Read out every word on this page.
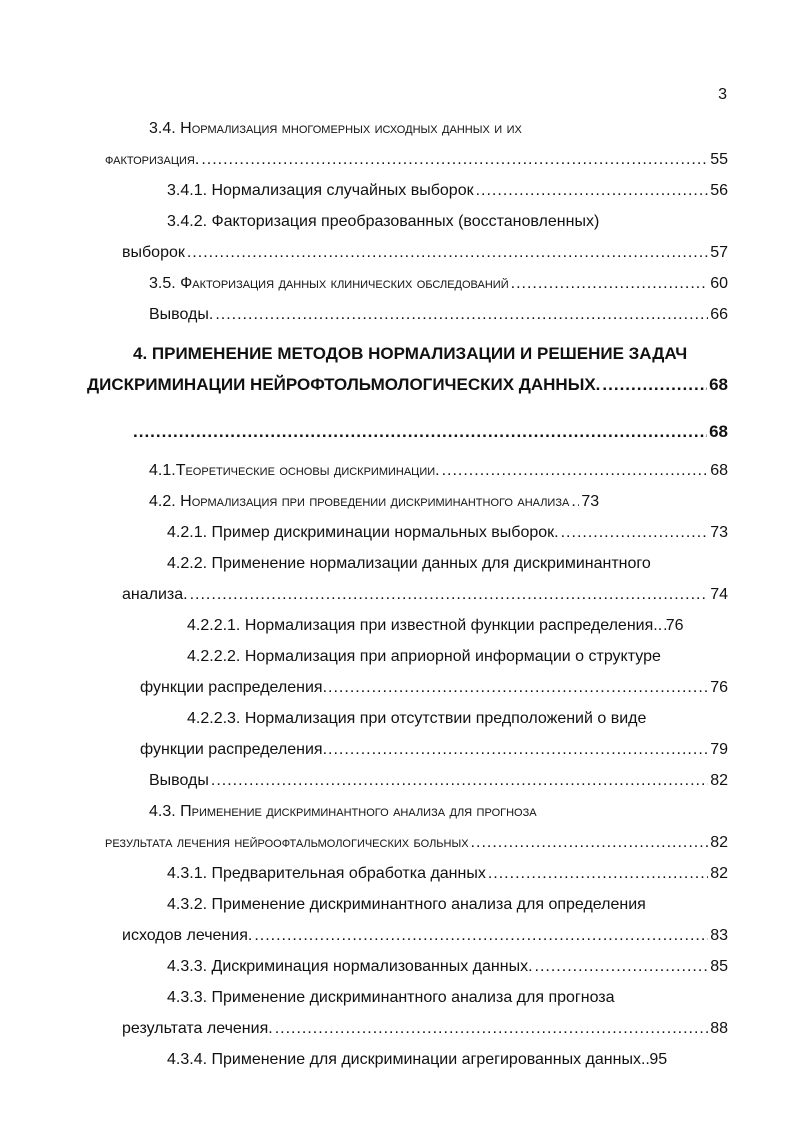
3
3.4. Нормализация многомерных исходных данных и их
факторизация. .....	55
3.4.1. Нормализация случайных выборок .....	56
3.4.2. Факторизация преобразованных (восстановленных)
выборок .....	57
3.5. Факторизация данных клинических обследований .....	60
Выводы. .....	66
4. ПРИМЕНЕНИЕ МЕТОДОВ НОРМАЛИЗАЦИИ И РЕШЕНИЕ ЗАДАЧ
ДИСКРИМИНАЦИИ НЕЙРОФТОЛЬМОЛОГИЧЕСКИХ ДАННЫХ. .....	68
.....
68
4.1.Теоретические основы дискриминации. .....	68
4.2. Нормализация при проведении дискриминантного анализа ..... 73
4.2.1. Пример дискриминации нормальных выборок. .....	73
4.2.2. Применение нормализации данных для дискриминантного
анализа. .....	74
4.2.2.1. Нормализация при известной функции распределения. ..... 76
4.2.2.2. Нормализация при априорной информации о структуре
функции распределения .....	76
4.2.2.3. Нормализация при отсутствии предположений о виде
функции распределения .....	79
Выводы .....	82
4.3. Применение дискриминантного анализа для прогноза
результата лечения нейроофтальмологических больных .....	82
4.3.1. Предварительная обработка данных .....	82
4.3.2. Применение дискриминантного анализа для определения
исходов лечения. .....	83
4.3.3. Дискриминация нормализованных данных. .....	85
4.3.3. Применение дискриминантного анализа для прогноза
результата лечения. .....	88
4.3.4. Применение для дискриминации агрегированных данных. ..... 95
